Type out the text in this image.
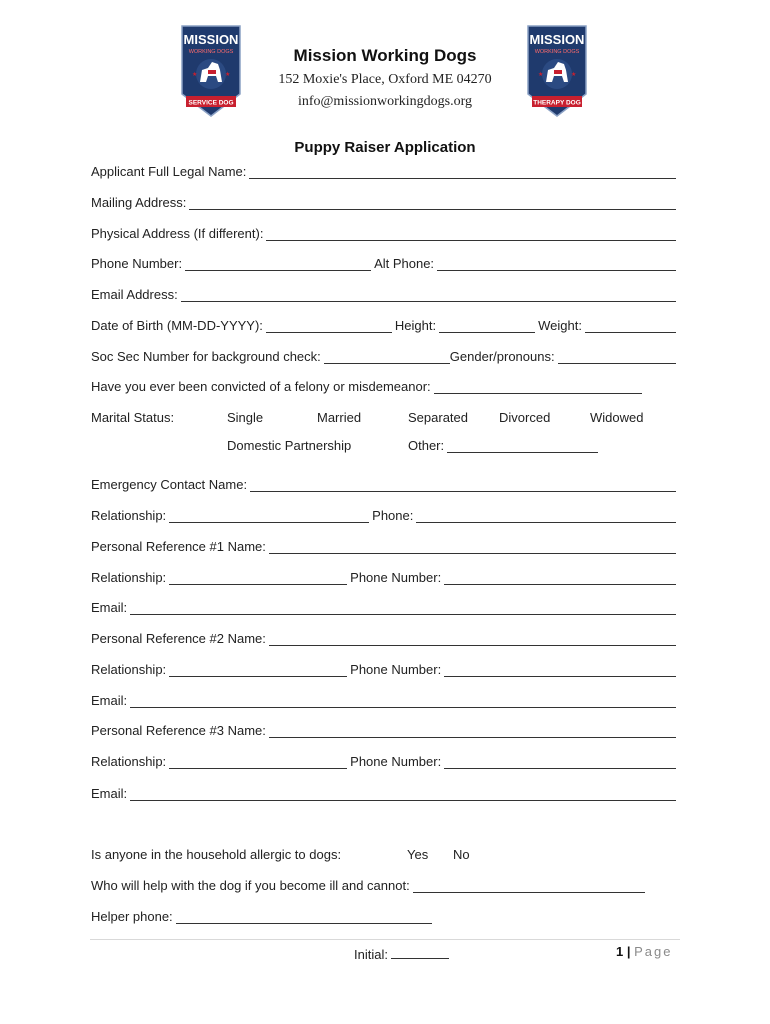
MISSION
WORKING DOGS
★	★
SERVICE DOG
Mission Working Dogs
152 Moxie's Place, Oxford ME 04270
info@missionworkingdogs.org
MISSION
WORKING DOGS
★	★
THERAPY DOG
Puppy Raiser Application
Applicant Full Legal Name:
Mailing Address:
Physical Address (If different):
Phone Number:	Alt Phone:
Email Address:
Date of Birth (MM-DD-YYYY):	Height:	Weight:
Soc Sec Number for background check:	Gender/pronouns:
Have you ever been convicted of a felony or misdemeanor:
Marital Status:	Single	Married	Separated Divorced	Widowed
Domestic Partnership	Other:
Emergency Contact Name:
Relationship:	Phone:
Personal Reference #1 Name:
Relationship:	Phone Number:
Email:
Personal Reference #2 Name:
Relationship:	Phone Number:
Email:
Personal Reference #3 Name:
Relationship:	Phone Number:
Email:
Is anyone in the household allergic to dogs:	Yes No
Who will help with the dog if you become ill and cannot:
Helper phone:
Initial:	1 | Page
